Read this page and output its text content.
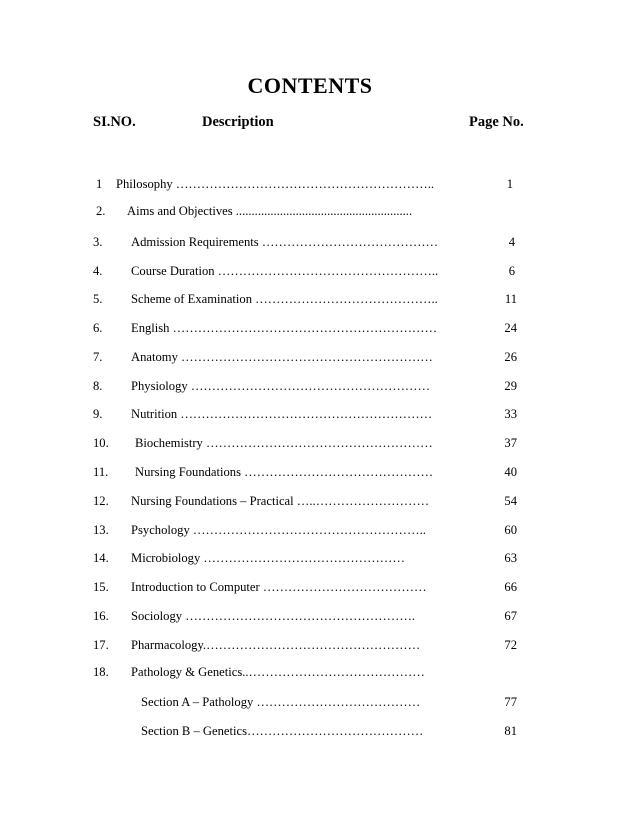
CONTENTS
SI.NO.	Description	Page No.
1 Philosophy ……………………………………………………..	1
2. Aims and Objectives ........................................................
3. Admission Requirements ……………………………………	4
4. Course Duration ……………………………………………..	6
5. Scheme of Examination ……………………………………..	11
6. English ………………………………………………………	24
7. Anatomy ……………………………………………………	26
8. Physiology …………………………………………………	29
9. Nutrition ……………………………………………………	33
10. Biochemistry ………………………………………………	37
11. Nursing Foundations ………………………………………	40
12. Nursing Foundations – Practical …..………………………	54
13. Psychology ………………………………………………..	60
14. Microbiology …………………………………………	63
15. Introduction to Computer …………………………………	66
16. Sociology ……………………………………………….	67
17. Pharmacology.……………………………………………	72
18. Pathology & Genetics..……………………………………
Section A – Pathology …………………………………	77
Section B – Genetics……………………………………	81
